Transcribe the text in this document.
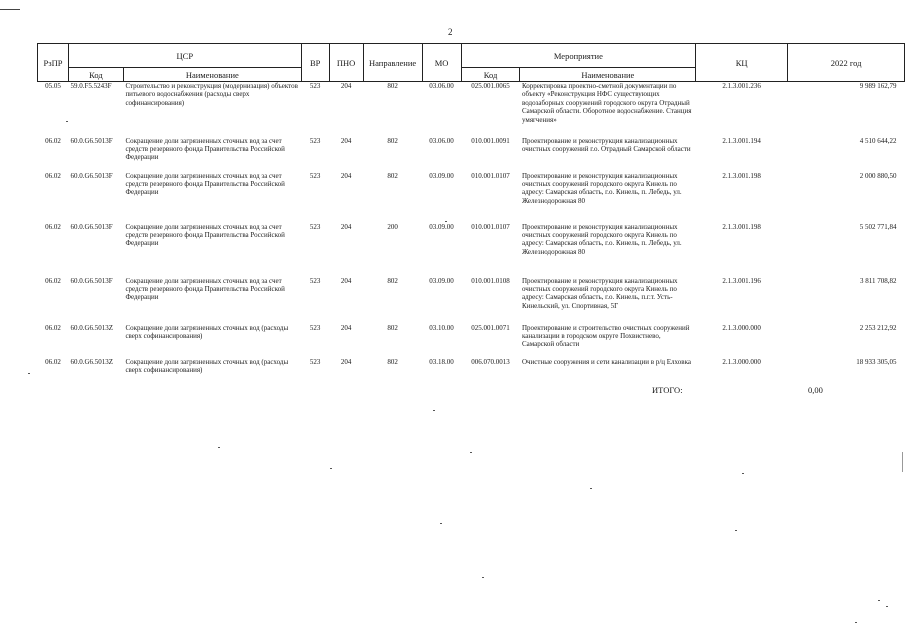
2
РзПР	ЦСР		ВР	ПНО	Направление	МО	Мероприятие		КЦ	2022 год
	Код	Наименование					Код	Наименование		
05.05	59.0.F5.5243F	Строительство и реконструкция (модернизация) объектов питьевого водоснабжения (расходы сверх софинансирования)	523	204	802	03.06.00	025.001.0065	Корректировка проектно-сметной документации по объекту «Реконструкция НФС существующих водозаборных сооружений городского округа Отрадный Самарской области. Оборотное водоснабжение. Станция умягчения»	2.1.3.001.236	9 989 162,79
06.02	60.0.G6.5013F	Сокращение доли загрязненных сточных вод за счет средств резервного фонда Правительства Российской Федерации	523	204	802	03.06.00	010.001.0091	Проектирование и реконструкция канализационных очистных сооружений г.о. Отрадный Самарской области	2.1.3.001.194	4 510 644,22
06.02	60.0.G6.5013F	Сокращение доли загрязненных сточных вод за счет средств резервного фонда Правительства Российской Федерации	523	204	802	03.09.00	010.001.0107	Проектирование и реконструкция канализационных очистных сооружений городского округа Кинель по адресу: Самарская область, г.о. Кинель, п. Лебедь, ул. Железнодорожная 80	2.1.3.001.198	2 000 880,50
06.02	60.0.G6.5013F	Сокращение доли загрязненных сточных вод за счет средств резервного фонда Правительства Российской Федерации	523	204	200	03.09.00	010.001.0107	Проектирование и реконструкция канализационных очистных сооружений городского округа Кинель по адресу: Самарская область, г.о. Кинель, п. Лебедь, ул. Железнодорожная 80	2.1.3.001.198	5 502 771,84
06.02	60.0.G6.5013F	Сокращение доли загрязненных сточных вод за счет средств резервного фонда Правительства Российской Федерации	523	204	802	03.09.00	010.001.0108	Проектирование и реконструкция канализационных очистных сооружений городского округа Кинель по адресу: Самарская область, г.о. Кинель, п.г.т. Усть-Кинельский, ул. Спортивная, 5Г	2.1.3.001.196	3 811 708,82
06.02	60.0.G6.5013Z	Сокращение доли загрязненных сточных вод (расходы сверх софинансирования)	523	204	802	03.10.00	025.001.0071	Проектирование и строительство очистных сооружений канализации в городском округе Похвистнево, Самарской области	2.1.3.000.000	2 253 212,92
06.02	60.0.G6.5013Z	Сокращение доли загрязненных сточных вод (расходы сверх софинансирования)	523	204	802	03.18.00	006.070.0013	Очистные сооружения и сети канализации в р/ц Елховка	2.1.3.000.000	18 933 305,05
ИТОГО:	0,00
